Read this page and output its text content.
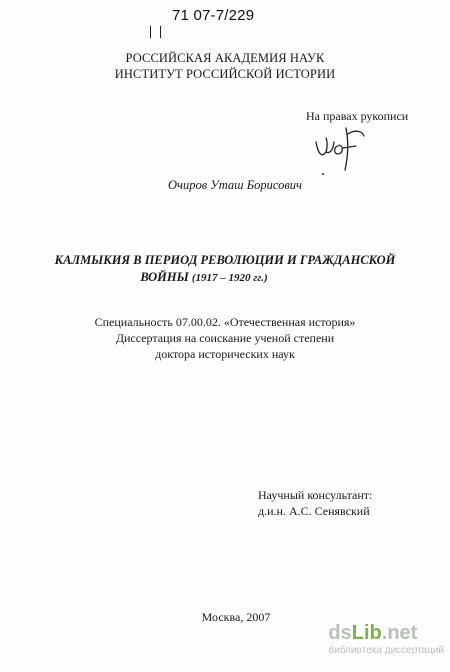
71 07-7/229
РОССИЙСКАЯ АКАДЕМИЯ НАУК
ИНСТИТУТ РОССИЙСКОЙ ИСТОРИИ
На правах рукописи
Очиров Уташ Борисович
КАЛМЫКИЯ В ПЕРИОД РЕВОЛЮЦИИ И ГРАЖДАНСКОЙ
ВОЙНЫ (1917 – 1920 гг.)
Специальность 07.00.02. «Отечественная история»
Диссертация на соискание ученой степени
доктора исторических наук
Научный консультант:
д.и.н. А.С. Сенявский
Москва, 2007
dsLib.net
библиотека диссертаций
